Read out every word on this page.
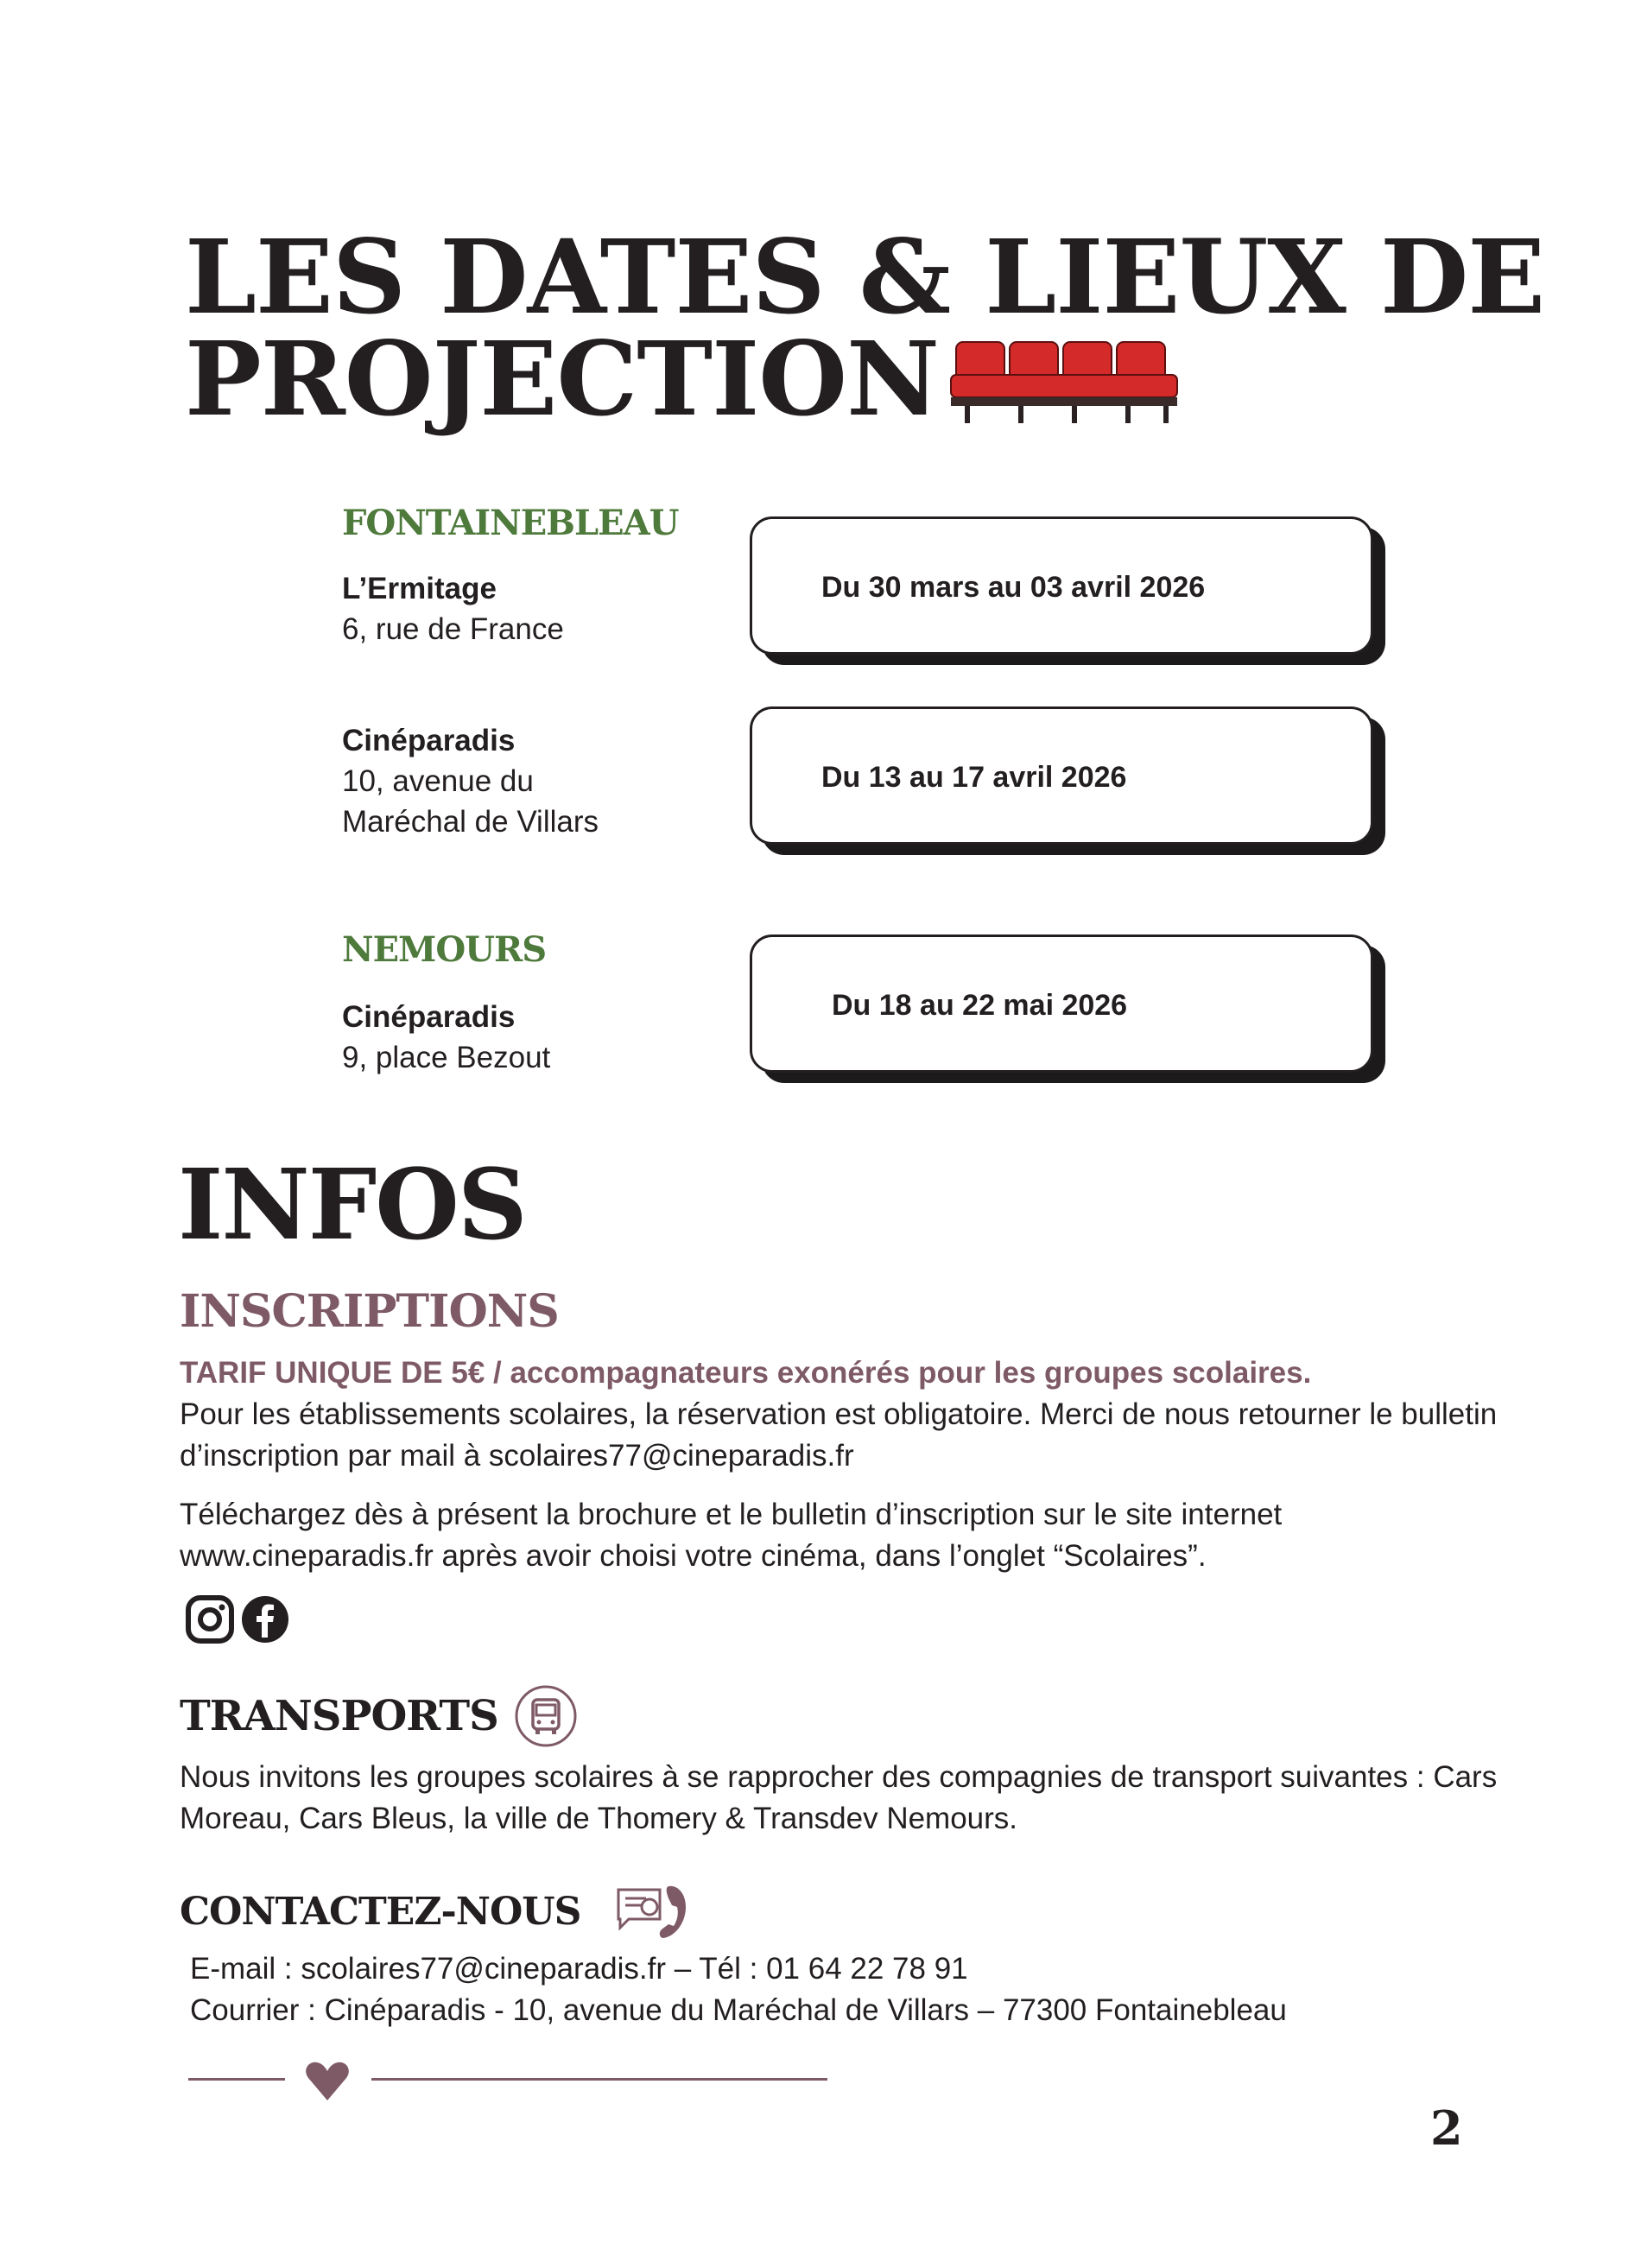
LES DATES & LIEUX DE
PROJECTION
FONTAINEBLEAU
L’Ermitage
6, rue de France
Du 30 mars au 03 avril 2026
Cinéparadis
10, avenue du
Maréchal de Villars
Du 13 au 17 avril 2026
NEMOURS
Cinéparadis
9, place Bezout
Du 18 au 22 mai 2026
INFOS
INSCRIPTIONS
TARIF UNIQUE DE 5€ / accompagnateurs exonérés pour les groupes scolaires.
Pour les établissements scolaires, la réservation est obligatoire. Merci de nous retourner le bulletin d’inscription par mail à scolaires77@cineparadis.fr
Téléchargez dès à présent la brochure et le bulletin d’inscription sur le site internet www.cineparadis.fr après avoir choisi votre cinéma, dans l’onglet “Scolaires”.
TRANSPORTS
Nous invitons les groupes scolaires à se rapprocher des compagnies de transport suivantes : Cars Moreau, Cars Bleus, la ville de Thomery & Transdev Nemours.
CONTACTEZ-NOUS
E-mail : scolaires77@cineparadis.fr – Tél : 01 64 22 78 91
Courrier : Cinéparadis - 10, avenue du Maréchal de Villars – 77300 Fontainebleau
2
